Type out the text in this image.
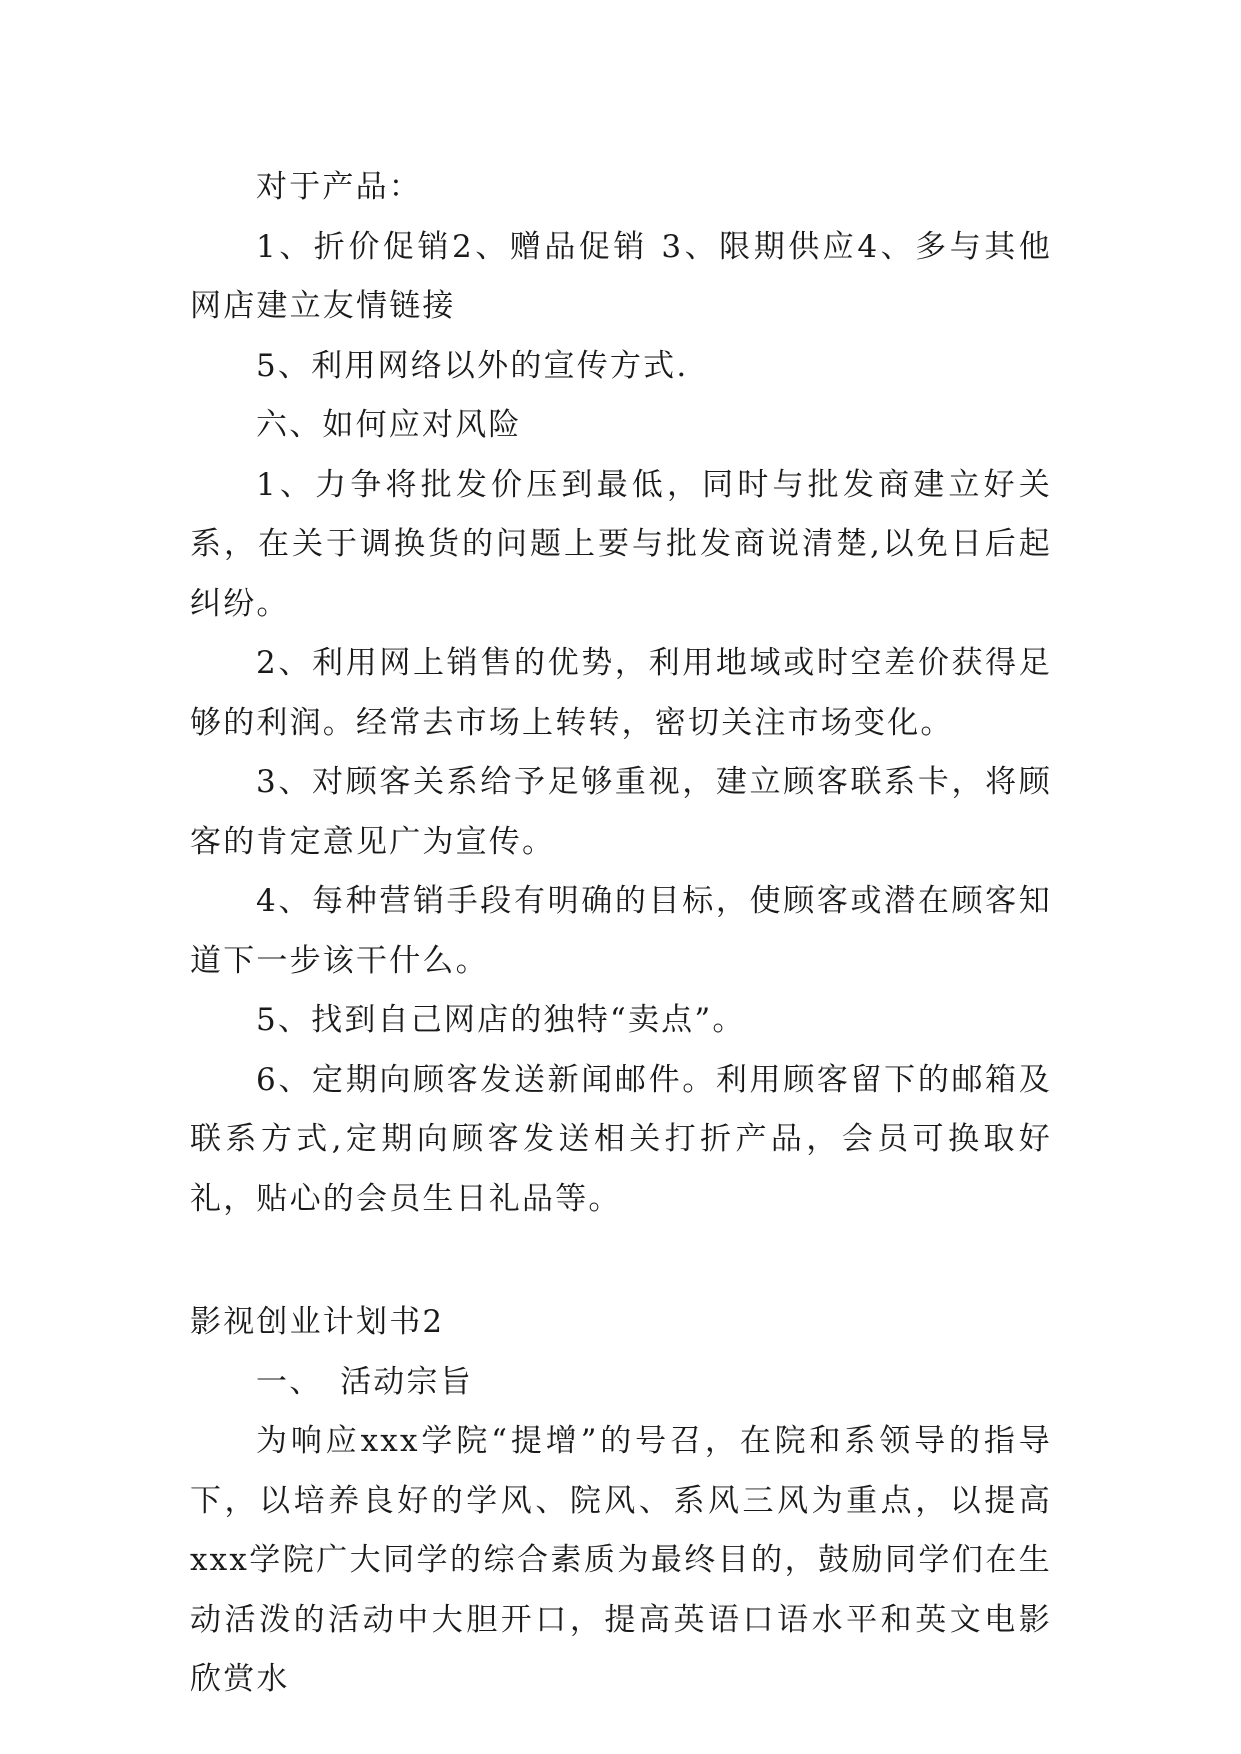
对于产品：

1、折价促销2、赠品促销 3、限期供应4、多与其他网店建立友情链接

5、利用网络以外的宣传方式.

六、如何应对风险

1、力争将批发价压到最低，同时与批发商建立好关系，在关于调换货的问题上要与批发商说清楚,以免日后起纠纷。

2、利用网上销售的优势，利用地域或时空差价获得足够的利润。经常去市场上转转，密切关注市场变化。

3、对顾客关系给予足够重视，建立顾客联系卡，将顾客的肯定意见广为宣传。

4、每种营销手段有明确的目标，使顾客或潜在顾客知道下一步该干什么。

5、找到自己网店的独特“卖点”。

6、定期向顾客发送新闻邮件。利用顾客留下的邮箱及联系方式,定期向顾客发送相关打折产品，会员可换取好礼，贴心的会员生日礼品等。

影视创业计划书2

一、　活动宗旨

为响应xxx学院“提增”的号召，在院和系领导的指导下，以培养良好的学风、院风、系风三风为重点，以提高xxx学院广大同学的综合素质为最终目的，鼓励同学们在生动活泼的活动中大胆开口，提高英语口语水平和英文电影欣赏水
